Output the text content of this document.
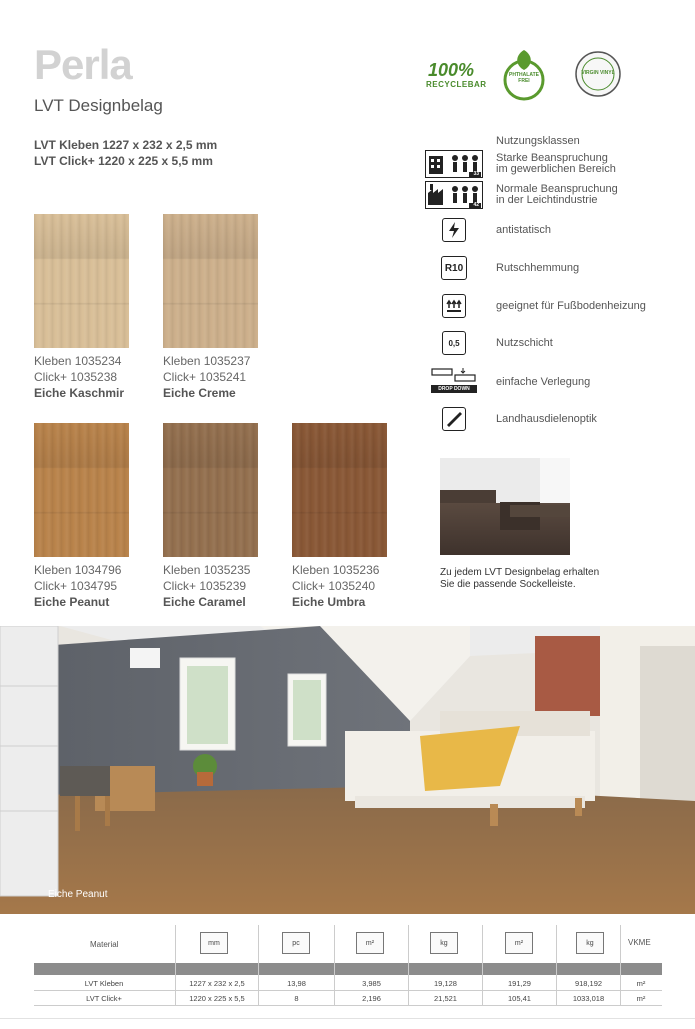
Perla
LVT Designbelag
LVT Kleben 1227 x 232 x 2,5 mm
LVT Click+ 1220 x 225 x 5,5 mm
100%
RECYCLEBAR
PHTHALATE
FREI
VIRGIN VINYL
Kleben 1035234
Click+ 1035238
Eiche Kaschmir
Kleben 1035237
Click+ 1035241
Eiche Creme
Kleben 1034796
Click+ 1034795
Eiche Peanut
Kleben 1035235
Click+ 1035239
Eiche Caramel
Kleben 1035236
Click+ 1035240
Eiche Umbra
Nutzungsklassen
33
Starke Beanspruchung
im gewerblichen Bereich
42
Normale Beanspruchung
in der Leichtindustrie
antistatisch
R10	Rutschhemmung
geeignet für Fußbodenheizung
0,5	Nutzschicht
DROP DOWN
einfache Verlegung
Landhausdielenoptik
Zu jedem LVT Designbelag erhalten
Sie die passende Sockelleiste.
Eiche Peanut
Material	mm	pc	m²	kg	m²	kg	VKME
LVT Kleben	1227 x 232 x 2,5	13,98	3,985	19,128	191,29	918,192	m²
LVT Click+	1220 x 225 x 5,5	8	2,196	21,521	105,41	1033,018	m²
